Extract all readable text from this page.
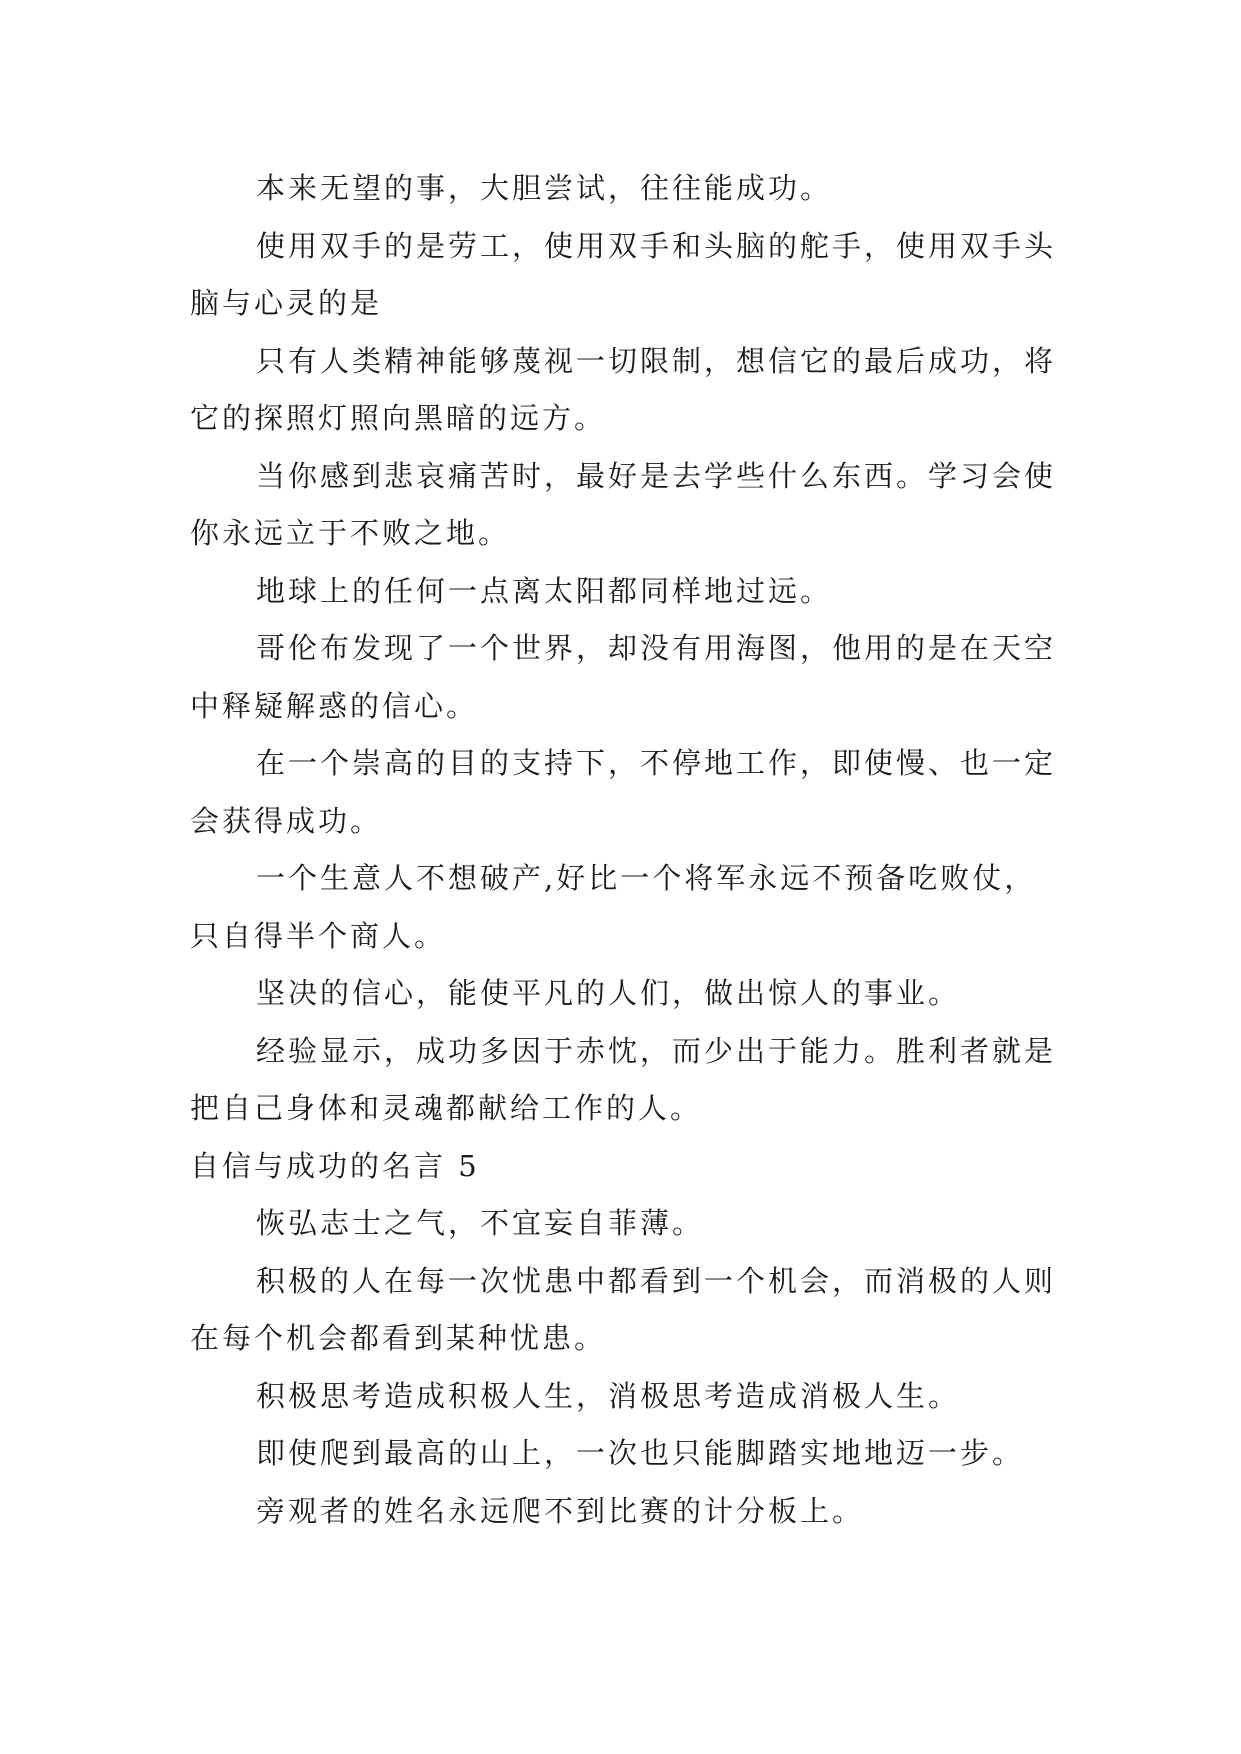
本来无望的事，大胆尝试，往往能成功。

使用双手的是劳工，使用双手和头脑的舵手，使用双手头脑与心灵的是

只有人类精神能够蔑视一切限制，想信它的最后成功，将它的探照灯照向黑暗的远方。

当你感到悲哀痛苦时，最好是去学些什么东西。学习会使你永远立于不败之地。

地球上的任何一点离太阳都同样地过远。

哥伦布发现了一个世界，却没有用海图，他用的是在天空中释疑解惑的信心。

在一个崇高的目的支持下，不停地工作，即使慢、也一定会获得成功。

一个生意人不想破产,好比一个将军永远不预备吃败仗，只自得半个商人。

坚决的信心，能使平凡的人们，做出惊人的事业。

经验显示，成功多因于赤忱，而少出于能力。胜利者就是把自己身体和灵魂都献给工作的人。

自信与成功的名言 5

恢弘志士之气，不宜妄自菲薄。

积极的人在每一次忧患中都看到一个机会，而消极的人则在每个机会都看到某种忧患。

积极思考造成积极人生，消极思考造成消极人生。

即使爬到最高的山上，一次也只能脚踏实地地迈一步。

旁观者的姓名永远爬不到比赛的计分板上。
